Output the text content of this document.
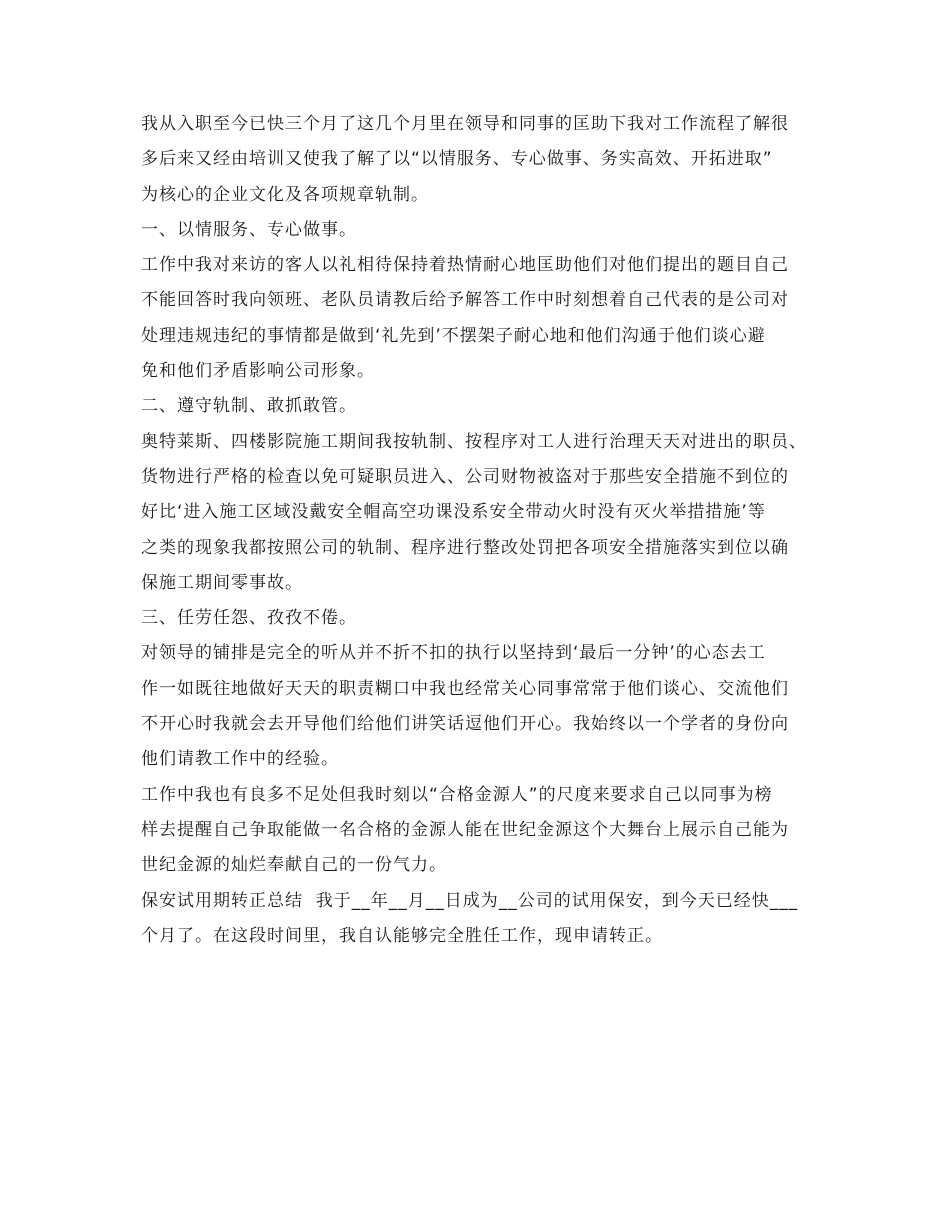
我从入职至今已快三个月了这几个月里在领导和同事的匡助下我对工作流程了解很
多后来又经由培训又使我了解了以“以情服务、专心做事、务实高效、开拓进取”
为核心的企业文化及各项规章轨制。
一、以情服务、专心做事。
工作中我对来访的客人以礼相待保持着热情耐心地匡助他们对他们提出的题目自己
不能回答时我向领班、老队员请教后给予解答工作中时刻想着自己代表的是公司对
处理违规违纪的事情都是做到‘礼先到’不摆架子耐心地和他们沟通于他们谈心避
免和他们矛盾影响公司形象。
二、遵守轨制、敢抓敢管。
奥特莱斯、四楼影院施工期间我按轨制、按程序对工人进行治理天天对进出的职员、
货物进行严格的检查以免可疑职员进入、公司财物被盗对于那些安全措施不到位的
好比‘进入施工区域没戴安全帽高空功课没系安全带动火时没有灭火举措措施’等
之类的现象我都按照公司的轨制、程序进行整改处罚把各项安全措施落实到位以确
保施工期间零事故。
三、任劳任怨、孜孜不倦。
对领导的铺排是完全的听从并不折不扣的执行以坚持到‘最后一分钟’的心态去工
作一如既往地做好天天的职责糊口中我也经常关心同事常常于他们谈心、交流他们
不开心时我就会去开导他们给他们讲笑话逗他们开心。我始终以一个学者的身份向
他们请教工作中的经验。
工作中我也有良多不足处但我时刻以“合格金源人”的尺度来要求自己以同事为榜
样去提醒自己争取能做一名合格的金源人能在世纪金源这个大舞台上展示自己能为
世纪金源的灿烂奉献自己的一份气力。
保安试用期转正总结  我于__年__月__日成为__公司的试用保安，到今天已经快___
个月了。在这段时间里，我自认能够完全胜任工作，现申请转正。
